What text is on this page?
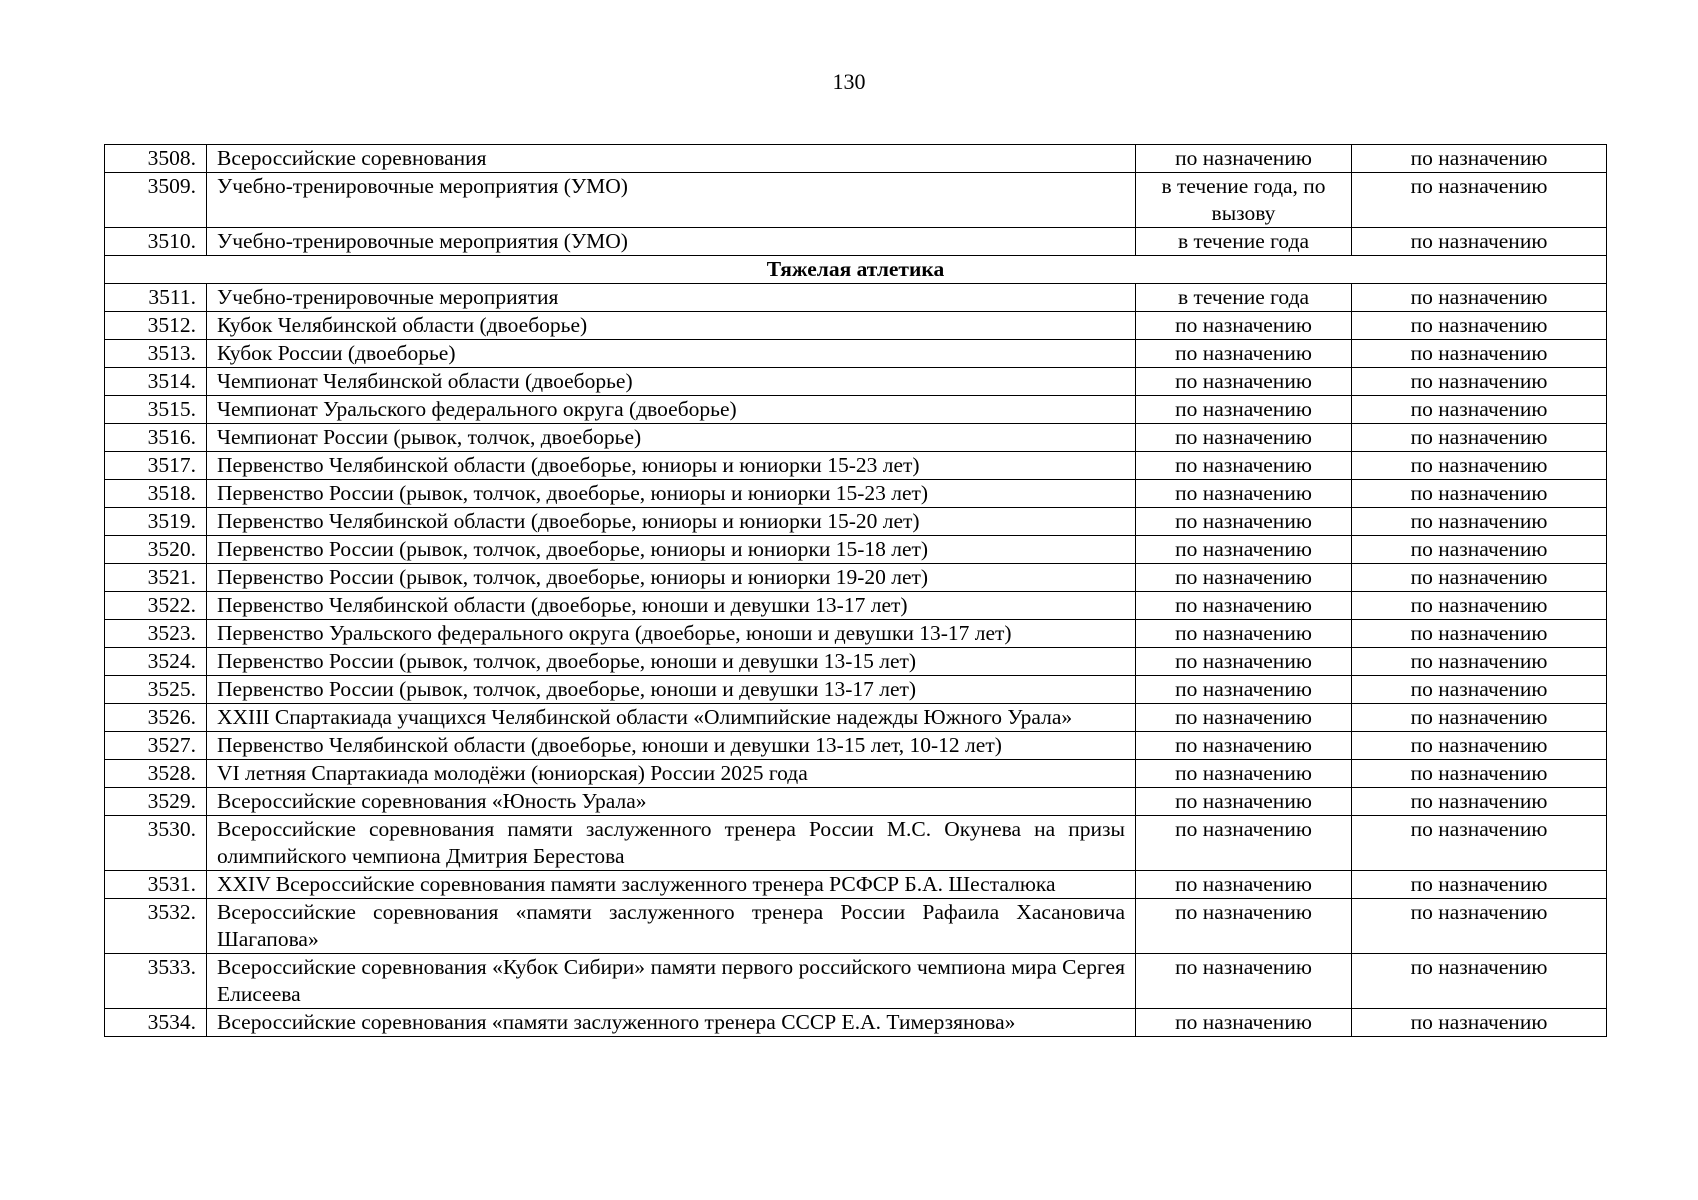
130
3508.	Всероссийские соревнования	по назначению	по назначению
3509.	Учебно-тренировочные мероприятия (УМО)	в течение года, по вызову	по назначению
3510.	Учебно-тренировочные мероприятия (УМО)	в течение года	по назначению
Тяжелая атлетика			
3511.	Учебно-тренировочные мероприятия	в течение года	по назначению
3512.	Кубок Челябинской области (двоеборье)	по назначению	по назначению
3513.	Кубок России (двоеборье)	по назначению	по назначению
3514.	Чемпионат Челябинской области (двоеборье)	по назначению	по назначению
3515.	Чемпионат Уральского федерального округа (двоеборье)	по назначению	по назначению
3516.	Чемпионат России (рывок, толчок, двоеборье)	по назначению	по назначению
3517.	Первенство Челябинской области (двоеборье, юниоры и юниорки 15-23 лет)	по назначению	по назначению
3518.	Первенство России (рывок, толчок, двоеборье, юниоры и юниорки 15-23 лет)	по назначению	по назначению
3519.	Первенство Челябинской области (двоеборье, юниоры и юниорки 15-20 лет)	по назначению	по назначению
3520.	Первенство России (рывок, толчок, двоеборье, юниоры и юниорки 15-18 лет)	по назначению	по назначению
3521.	Первенство России (рывок, толчок, двоеборье, юниоры и юниорки 19-20 лет)	по назначению	по назначению
3522.	Первенство Челябинской области (двоеборье, юноши и девушки 13-17 лет)	по назначению	по назначению
3523.	Первенство Уральского федерального округа (двоеборье, юноши и девушки 13-17 лет)	по назначению	по назначению
3524.	Первенство России (рывок, толчок, двоеборье, юноши и девушки 13-15 лет)	по назначению	по назначению
3525.	Первенство России (рывок, толчок, двоеборье, юноши и девушки 13-17 лет)	по назначению	по назначению
3526.	XXIII Спартакиада учащихся Челябинской области «Олимпийские надежды Южного Урала»	по назначению	по назначению
3527.	Первенство Челябинской области (двоеборье, юноши и девушки 13-15 лет, 10-12 лет)	по назначению	по назначению
3528.	VI летняя Спартакиада молодёжи (юниорская) России 2025 года	по назначению	по назначению
3529.	Всероссийские соревнования «Юность Урала»	по назначению	по назначению
3530.	Всероссийские соревнования памяти заслуженного тренера России М.С. Окунева на призы олимпийского чемпиона Дмитрия Берестова	по назначению	по назначению
3531.	XXIV Всероссийские соревнования памяти заслуженного тренера РСФСР Б.А. Шесталюка	по назначению	по назначению
3532.	Всероссийские соревнования «памяти заслуженного тренера России Рафаила Хасановича Шагапова»	по назначению	по назначению
3533.	Всероссийские соревнования «Кубок Сибири» памяти первого российского чемпиона мира Сергея Елисеева	по назначению	по назначению
3534.	Всероссийские соревнования «памяти заслуженного тренера СССР Е.А. Тимерзянова»	по назначению	по назначению
